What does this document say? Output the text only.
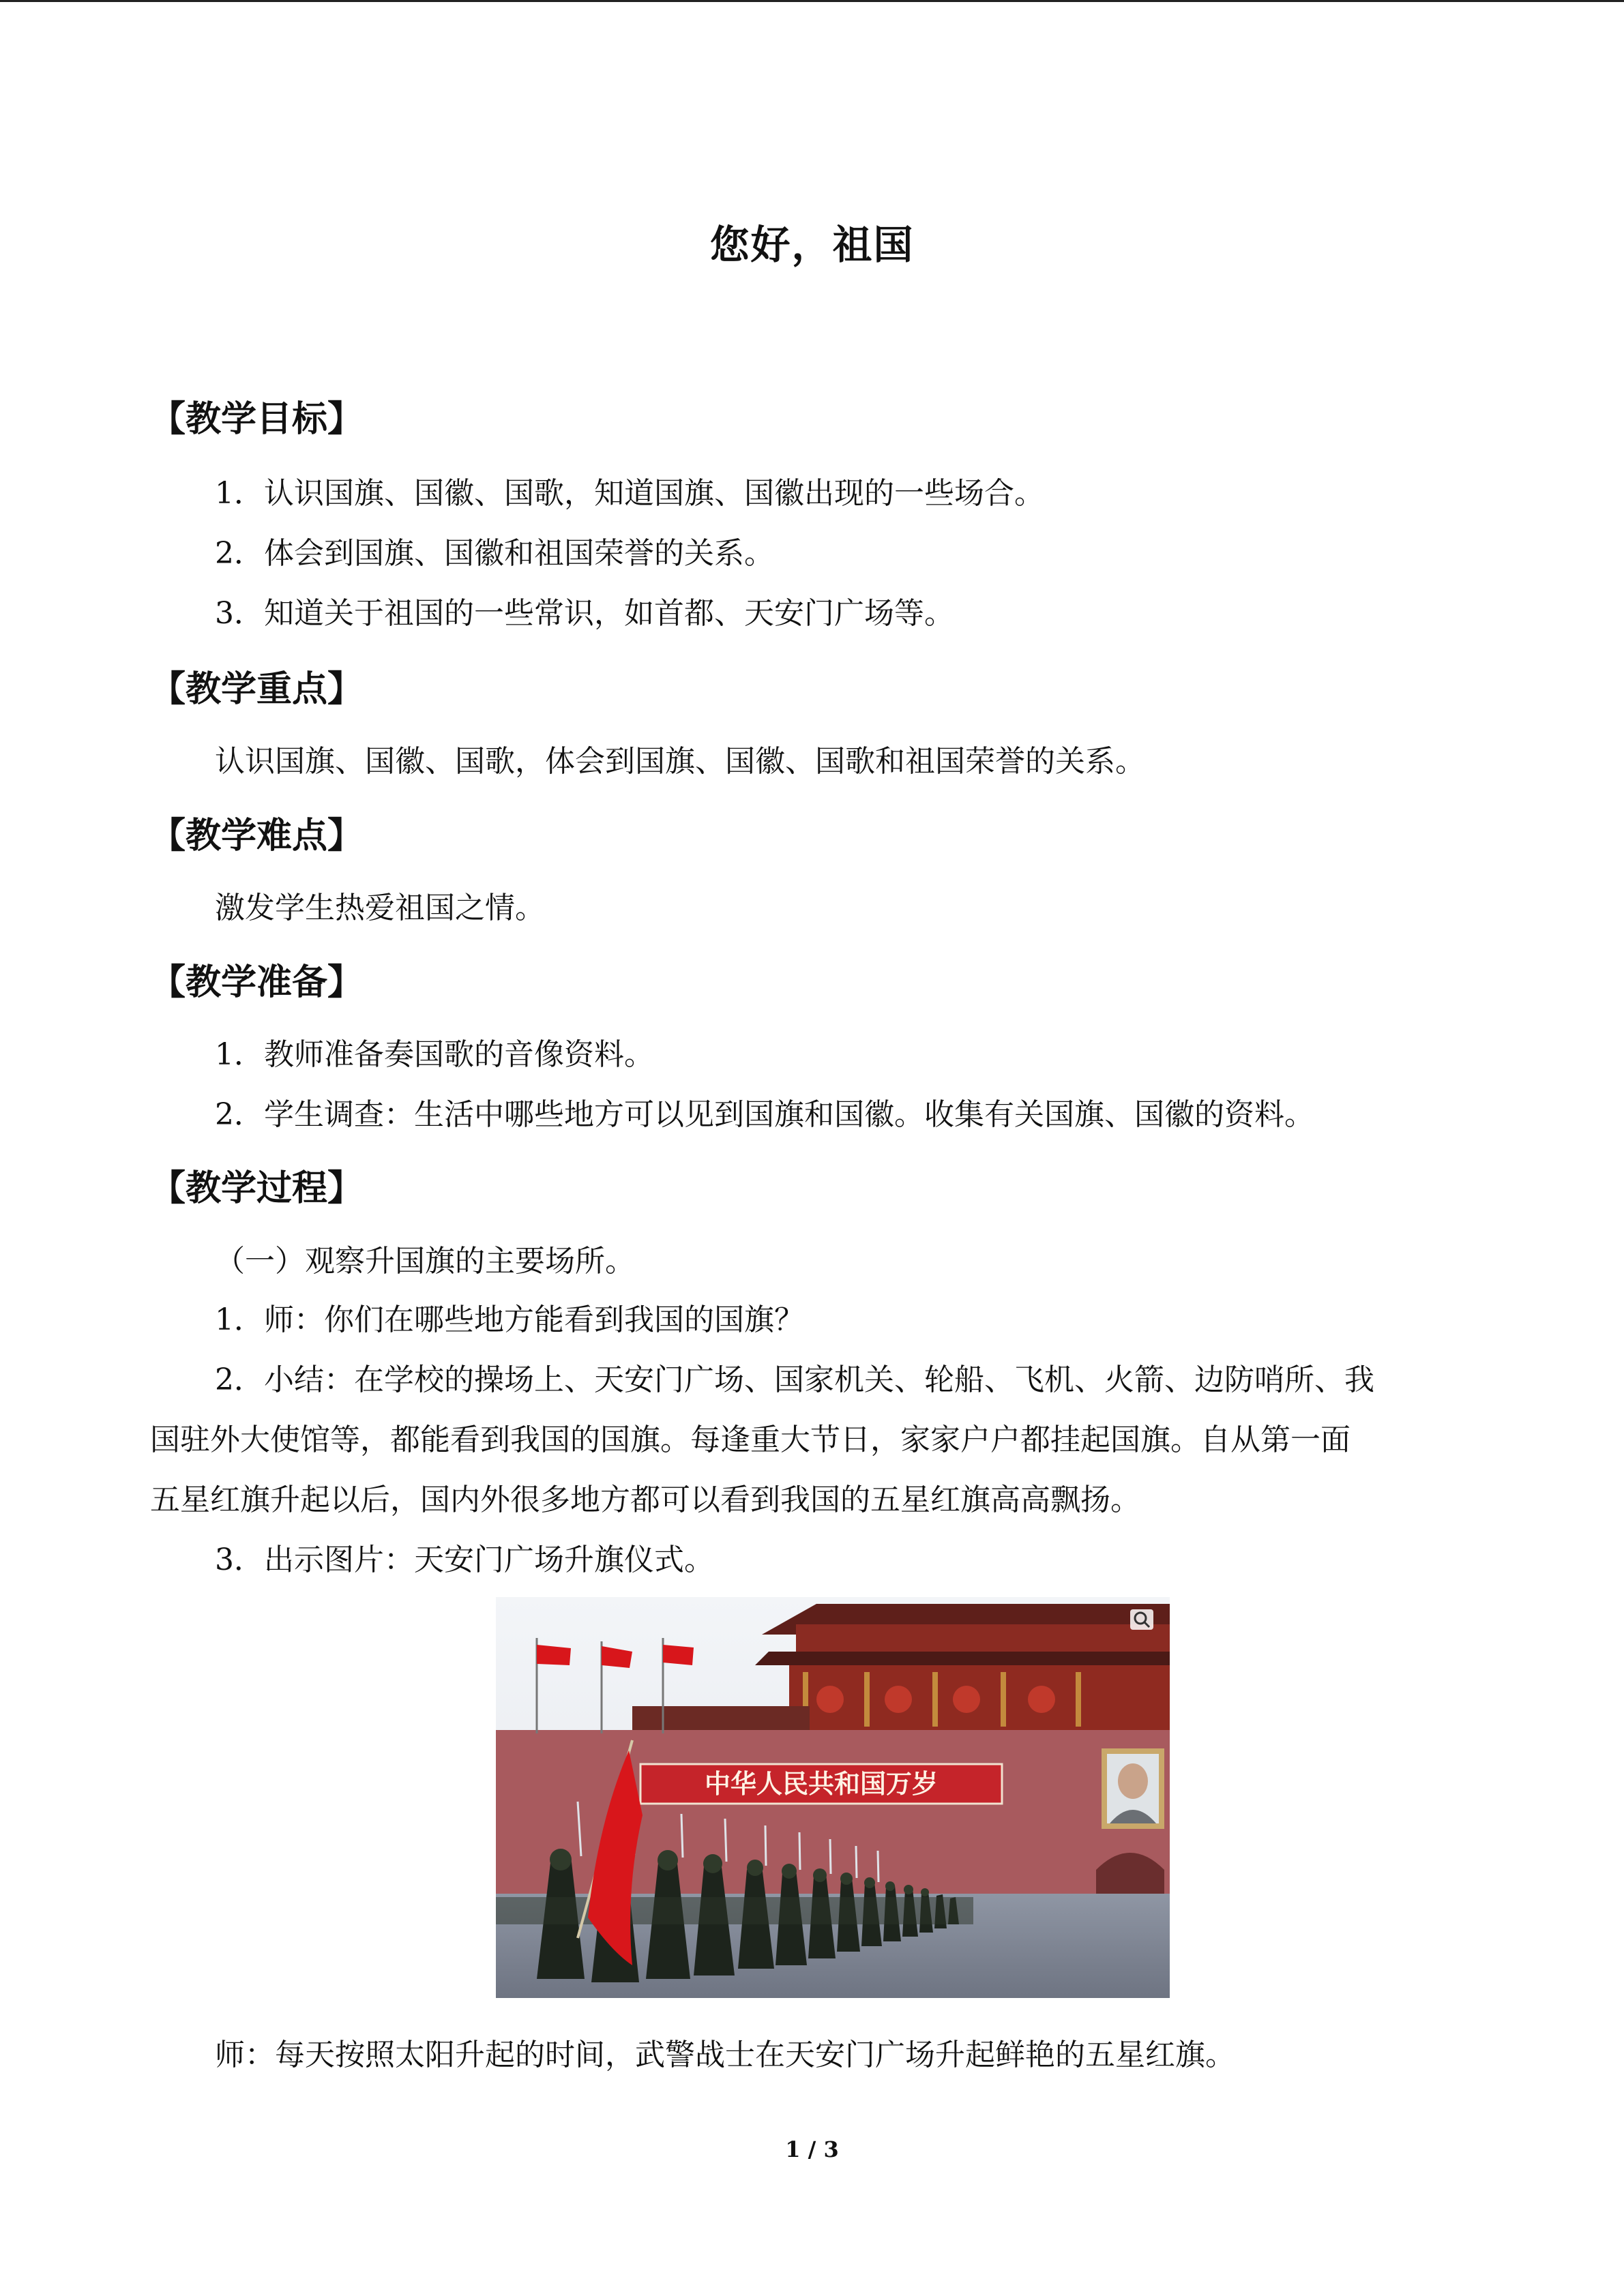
您好，祖国
【教学目标】
1．认识国旗、国徽、国歌，知道国旗、国徽出现的一些场合。
2．体会到国旗、国徽和祖国荣誉的关系。
3．知道关于祖国的一些常识，如首都、天安门广场等。
【教学重点】
认识国旗、国徽、国歌，体会到国旗、国徽、国歌和祖国荣誉的关系。
【教学难点】
激发学生热爱祖国之情。
【教学准备】
1．教师准备奏国歌的音像资料。
2．学生调查：生活中哪些地方可以见到国旗和国徽。收集有关国旗、国徽的资料。
【教学过程】
（一）观察升国旗的主要场所。
1．师：你们在哪些地方能看到我国的国旗？
2．小结：在学校的操场上、天安门广场、国家机关、轮船、飞机、火箭、边防哨所、我
国驻外大使馆等，都能看到我国的国旗。每逢重大节日，家家户户都挂起国旗。自从第一面
五星红旗升起以后，国内外很多地方都可以看到我国的五星红旗高高飘扬。
3．出示图片：天安门广场升旗仪式。
中华人民共和国万岁
师：每天按照太阳升起的时间，武警战士在天安门广场升起鲜艳的五星红旗。
1 / 3
